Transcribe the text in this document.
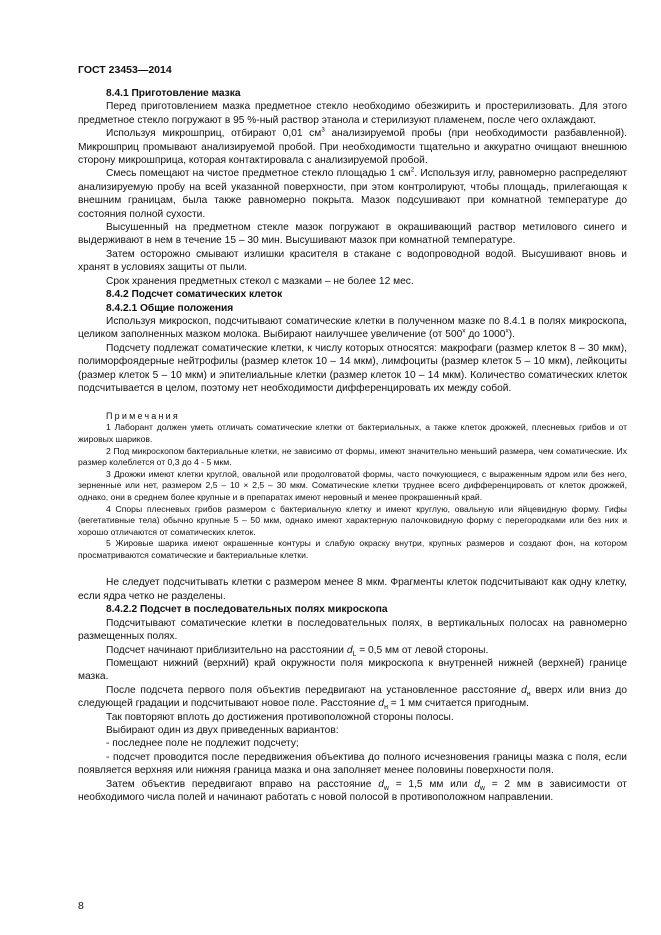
ГОСТ 23453—2014

8.4.1 Приготовление мазка

Перед приготовлением мазка предметное стекло необходимо обезжирить и простерилизовать. Для этого предметное стекло погружают в 95 %-ный раствор этанола и стерилизуют пламенем, после чего охлаждают.

Используя микрошприц, отбирают 0,01 $см^3$ анализируемой пробы (при необходимости разбавленной). Микрошприц промывают анализируемой пробой. При необходимости тщательно и аккуратно очищают внешнюю сторону микрошприца, которая контактировала с анализируемой пробой.

Смесь помещают на чистое предметное стекло площадью 1 $см^2$. Используя иглу, равномерно распределяют анализируемую пробу на всей указанной поверхности, при этом контролируют, чтобы площадь, прилегающая к внешним границам, была также равномерно покрыта. Мазок подсушивают при комнатной температуре до состояния полной сухости.

Высушенный на предметном стекле мазок погружают в окрашивающий раствор метилового синего и выдерживают в нем в течение 15 – 30 мин. Высушивают мазок при комнатной температуре.

Затем осторожно смывают излишки красителя в стакане с водопроводной водой. Высушивают вновь и хранят в условиях защиты от пыли.

Срок хранения предметных стекол с мазками – не более 12 мес.

8.4.2 Подсчет соматических клеток

8.4.2.1 Общие положения

Используя микроскоп, подсчитывают соматические клетки в полученном мазке по 8.4.1 в полях микроскопа, целиком заполненных мазком молока. Выбирают наилучшее увеличение (от $500^х$ до $1000^х$).

Подсчету подлежат соматические клетки, к числу которых относятся: макрофаги (размер клеток 8 – 30 мкм), полиморфоядерные нейтрофилы (размер клеток 10 – 14 мкм), лимфоциты (размер клеток 5 – 10 мкм), лейкоциты (размер клеток 5 – 10 мкм) и эпителиальные клетки (размер клеток 10 – 14 мкм). Количество соматических клеток подсчитывается в целом, поэтому нет необходимости дифференцировать их между собой.

Примечания

1 Лаборант должен уметь отличать соматические клетки от бактериальных, а также клеток дрожжей, плесневых грибов и от жировых шариков.

2 Под микроскопом бактериальные клетки, не зависимо от формы, имеют значительно меньший размера, чем соматические. Их размер колеблется от 0,3 до 4 - 5 мкм.

3 Дрожжи имеют клетки круглой, овальной или продолговатой формы, часто почкующиеся, с выраженным ядром или без него, зерненные или нет, размером 2,5 – 10 × 2,5 – 30 мкм. Соматические клетки труднее всего дифференцировать от клеток дрожжей, однако, они в среднем более крупные и в препаратах имеют неровный и менее прокрашенный край.

4 Споры плесневых грибов размером с бактериальную клетку и имеют круглую, овальную или яйцевидную форму. Гифы (вегетативные тела) обычно крупные 5 – 50 мкм, однако имеют характерную палочковидную форму с перегородками или без них и хорошо отличаются от соматических клеток.

5 Жировые шарика имеют окрашенные контуры и слабую окраску внутри, крупных размеров и создают фон, на котором просматриваются соматические и бактериальные клетки.

Не следует подсчитывать клетки с размером менее 8 мкм. Фрагменты клеток подсчитывают как одну клетку, если ядра четко не разделены.

8.4.2.2 Подсчет в последовательных полях микроскопа

Подсчитывают соматические клетки в последовательных полях, в вертикальных полосах на равномерно размещенных полях.

Подсчет начинают приблизительно на расстоянии $d_L = 0,5$ мм от левой стороны.

Помещают нижний (верхний) край окружности поля микроскопа к внутренней нижней (верхней) границе мазка.

После подсчета первого поля объектив передвигают на установленное расстояние $d_н$ вверх или вниз до следующей градации и подсчитывают новое поле. Расстояние $d_н = 1$ мм считается пригодным.

Так повторяют вплоть до достижения противоположной стороны полосы.

Выбирают один из двух приведенных вариантов:

- последнее поле не подлежит подсчету;

- подсчет проводится после передвижения объектива до полного исчезновения границы мазка с поля, если появляется верхняя или нижняя граница мазка и она заполняет менее половины поверхности поля.

Затем объектив передвигают вправо на расстояние $d_w = 1,5$ мм или $d_w = 2$ мм в зависимости от необходимого числа полей и начинают работать с новой полосой в противоположном направлении.

8
